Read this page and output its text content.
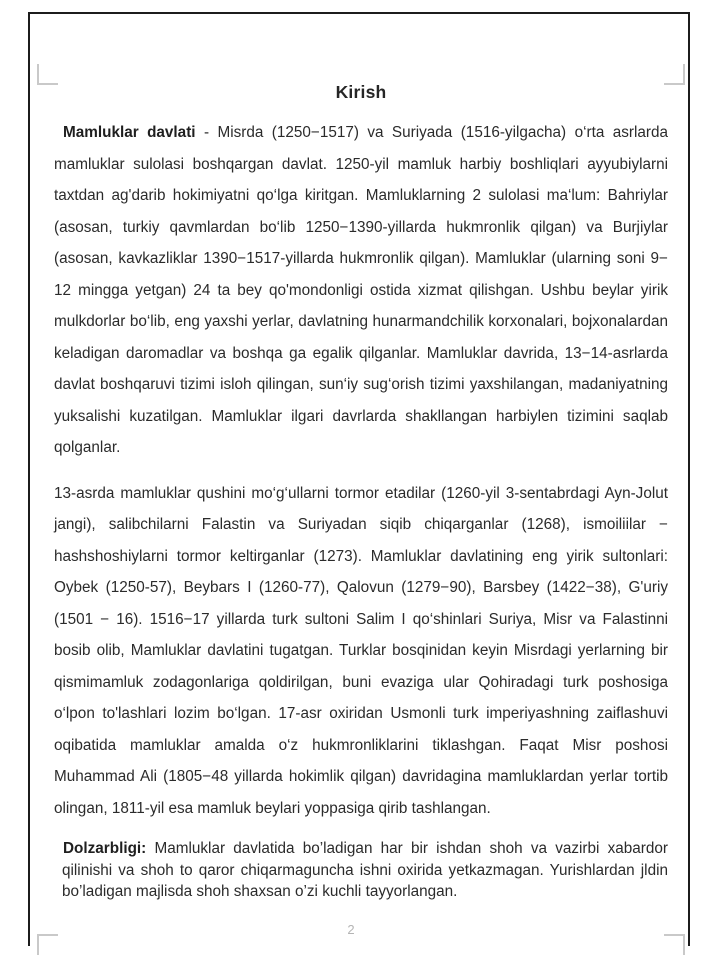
Kirish

Mamluklar davlati - Misrda (1250−1517) va Suriyada (1516-yilgacha) o‘rta asrlarda mamluklar sulolasi boshqargan davlat. 1250-yil mamluk harbiy boshliqlari ayyubiylarni taxtdan ag'darib hokimiyatni qo‘lga kiritgan. Mamluklarning 2 sulolasi ma‘lum: Bahriylar (asosan, turkiy qavmlardan bo‘lib 1250−1390-yillarda hukmronlik qilgan) va Burjiylar (asosan, kavkazliklar 1390−1517-yillarda hukmronlik qilgan). Mamluklar (ularning soni 9− 12 mingga yetgan) 24 ta bey qo'mondonligi ostida xizmat qilishgan. Ushbu beylar yirik mulkdorlar bo‘lib, eng yaxshi yerlar, davlatning hunarmandchilik korxonalari, bojxonalardan keladigan daromadlar va boshqa ga egalik qilganlar. Mamluklar davrida, 13−14-asrlarda davlat boshqaruvi tizimi isloh qilingan, sun‘iy sug‘orish tizimi yaxshilangan, madaniyatning yuksalishi kuzatilgan. Mamluklar ilgari davrlarda shakllangan harbiylen tizimini saqlab qolganlar.

13-asrda mamluklar qushini mo‘g‘ullarni tormor etadilar (1260-yil 3-sentabrdagi Ayn-Jolut jangi), salibchilarni Falastin va Suriyadan siqib chiqarganlar (1268), ismoiliilar − hashshoshiylarni tormor keltirganlar (1273). Mamluklar davlatining eng yirik sultonlari: Oybek (1250-57), Beybars I (1260-77), Qalovun (1279−90), Barsbey (1422−38), G'uriy (1501 − 16). 1516−17 yillarda turk sultoni Salim I qo‘shinlari Suriya, Misr va Falastinni bosib olib, Mamluklar davlatini tugatgan. Turklar bosqinidan keyin Misrdagi yerlarning bir qismimamluk zodagonlariga qoldirilgan, buni evaziga ular Qohiradagi turk poshosiga o‘lpon to'lashlari lozim bo‘lgan. 17-asr oxiridan Usmonli turk imperiyashning zaiflashuvi oqibatida mamluklar amalda o‘z hukmronliklarini tiklashgan. Faqat Misr poshosi Muhammad Ali (1805−48 yillarda hokimlik qilgan) davridagina mamluklardan yerlar tortib olingan, 1811-yil esa mamluk beylari yoppasiga qirib tashlangan.

Dolzarbligi: Mamluklar davlatida bo’ladigan har bir ishdan shoh va vazirbi xabardor qilinishi va shoh to qaror chiqarmaguncha ishni oxirida yetkazmagan. Yurishlardan jldin bo’ladigan majlisda shoh shaxsan o’zi kuchli tayyorlangan.

2
